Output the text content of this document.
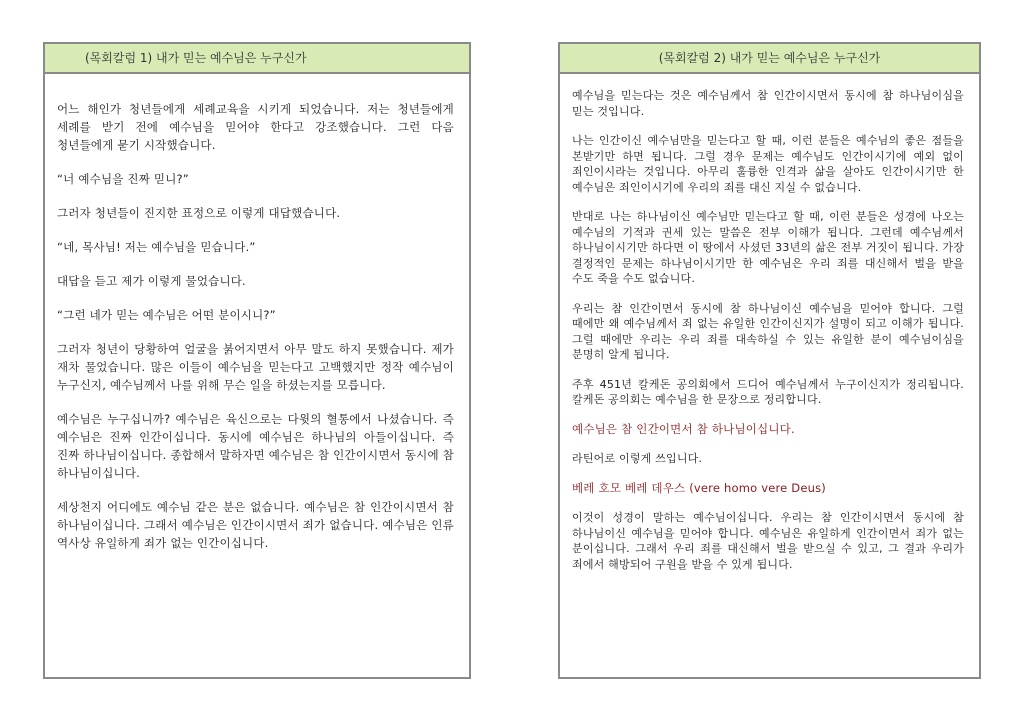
(목회칼럼 1) 내가 믿는 예수님은 누구신가

어느 해인가 청년들에게 세례교육을 시키게 되었습니다. 저는 청년들에게 세례를 받기 전에 예수님을 믿어야 한다고 강조했습니다. 그런 다음 청년들에게 묻기 시작했습니다.

“너 예수님을 진짜 믿니?”

그러자 청년들이 진지한 표정으로 이렇게 대답했습니다.

“네, 목사님! 저는 예수님을 믿습니다.”

대답을 듣고 제가 이렇게 물었습니다.

“그런 네가 믿는 예수님은 어떤 분이시니?”

그러자 청년이 당황하여 얼굴을 붉어지면서 아무 말도 하지 못했습니다. 제가 재차 물었습니다. 많은 이들이 예수님을 믿는다고 고백했지만 정작 예수님이 누구신지, 예수님께서 나를 위해 무슨 일을 하셨는지를 모릅니다.

예수님은 누구십니까? 예수님은 육신으로는 다윗의 혈통에서 나셨습니다. 즉 예수님은 진짜 인간이십니다. 동시에 예수님은 하나님의 아들이십니다. 즉 진짜 하나님이십니다. 종합해서 말하자면 예수님은 참 인간이시면서 동시에 참 하나님이십니다.

세상천지 어디에도 예수님 같은 분은 없습니다. 예수님은 참 인간이시면서 참 하나님이십니다. 그래서 예수님은 인간이시면서 죄가 없습니다. 예수님은 인류 역사상 유일하게 죄가 없는 인간이십니다.

(목회칼럼 2) 내가 믿는 예수님은 누구신가

예수님을 믿는다는 것은 예수님께서 참 인간이시면서 동시에 참 하나님이심을 믿는 것입니다.

나는 인간이신 예수님만을 믿는다고 할 때, 이런 분들은 예수님의 좋은 점들을 본받기만 하면 됩니다. 그럴 경우 문제는 예수님도 인간이시기에 예외 없이 죄인이시라는 것입니다. 아무리 훌륭한 인격과 삶을 살아도 인간이시기만 한 예수님은 죄인이시기에 우리의 죄를 대신 지실 수 없습니다.

반대로 나는 하나님이신 예수님만 믿는다고 할 때, 이런 분들은 성경에 나오는 예수님의 기적과 권세 있는 말씀은 전부 이해가 됩니다. 그런데 예수님께서 하나님이시기만 하다면 이 땅에서 사셨던 33년의 삶은 전부 거짓이 됩니다. 가장 결정적인 문제는 하나님이시기만 한 예수님은 우리 죄를 대신해서 벌을 받을 수도 죽을 수도 없습니다.

우리는 참 인간이면서 동시에 참 하나님이신 예수님을 믿어야 합니다. 그럴 때에만 왜 예수님께서 죄 없는 유일한 인간이신지가 설명이 되고 이해가 됩니다. 그럴 때에만 우리는 우리 죄를 대속하실 수 있는 유일한 분이 예수님이심을 분명히 알게 됩니다.

주후 451년 칼케돈 공의회에서 드디어 예수님께서 누구이신지가 정리됩니다. 칼케돈 공의회는 예수님을 한 문장으로 정리합니다.

예수님은 참 인간이면서 참 하나님이십니다.

라틴어로 이렇게 쓰입니다.

베레 호모 베레 데우스 (vere homo vere Deus)

이것이 성경이 말하는 예수님이십니다. 우리는 참 인간이시면서 동시에 참 하나님이신 예수님을 믿어야 합니다. 예수님은 유일하게 인간이면서 죄가 없는 분이십니다. 그래서 우리 죄를 대신해서 벌을 받으실 수 있고, 그 결과 우리가 죄에서 해방되어 구원을 받을 수 있게 됩니다.
